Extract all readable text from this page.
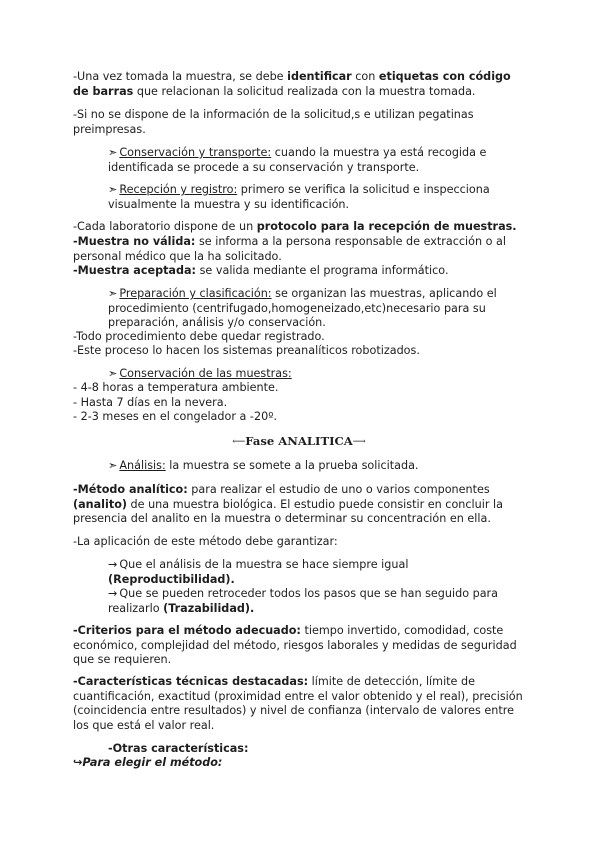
-Una vez tomada la muestra, se debe identificar con etiquetas con código de barras que relacionan la solicitud realizada con la muestra tomada.

-Si no se dispone de la información de la solicitud,s e utilizan pegatinas preimpresas.

➣ Conservación y transporte: cuando la muestra ya está recogida e identificada se procede a su conservación y transporte.

➣ Recepción y registro: primero se verifica la solicitud e inspecciona visualmente la muestra y su identificación.

-Cada laboratorio dispone de un protocolo para la recepción de muestras.

-Muestra no válida: se informa a la persona responsable de extracción o al personal médico que la ha solicitado.

-Muestra aceptada: se valida mediante el programa informático.

➣ Preparación y clasificación: se organizan las muestras, aplicando el procedimiento (centrifugado,homogeneizado,etc)necesario para su preparación, análisis y/o conservación.

-Todo procedimiento debe quedar registrado.

-Este proceso lo hacen los sistemas preanalíticos robotizados.

➣ Conservación de las muestras:

- 4-8 horas a temperatura ambiente.

- Hasta 7 días en la nevera.

- 2-3 meses en el congelador a -20º.

⟵Fase ANALITICA⟶

➣ Análisis: la muestra se somete a la prueba solicitada.

-Método analítico: para realizar el estudio de uno o varios componentes (analito) de una muestra biológica. El estudio puede consistir en concluir la presencia del analito en la muestra o determinar su concentración en ella.

-La aplicación de este método debe garantizar:

→ Que el análisis de la muestra se hace siempre igual
(Reproductibilidad).

→ Que se pueden retroceder todos los pasos que se han seguido para realizarlo (Trazabilidad).

-Criterios para el método adecuado: tiempo invertido, comodidad, coste económico, complejidad del método, riesgos laborales y medidas de seguridad que se requieren.

-Características técnicas destacadas: límite de detección, límite de cuantificación, exactitud (proximidad entre el valor obtenido y el real), precisión (coincidencia entre resultados) y nivel de confianza (intervalo de valores entre los que está el valor real.

-Otras características:

↪Para elegir el método:
